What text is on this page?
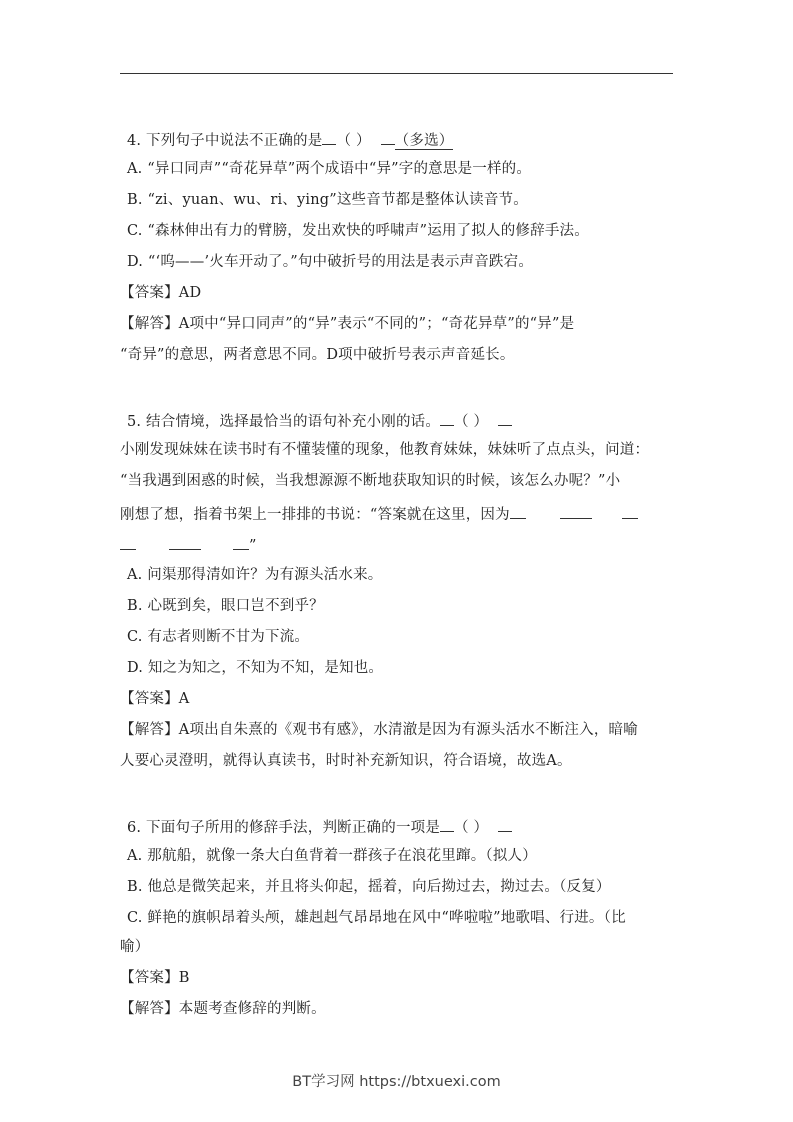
4. 下列句子中说法不正确的是 （ ） （多选）
A. “异口同声”“奇花异草”两个成语中“异”字的意思是一样的。
B. “zi、yuan、wu、ri、ying”这些音节都是整体认读音节。
C. “森林伸出有力的臂膀，发出欢快的呼啸声”运用了拟人的修辞手法。
D. “‘呜——’火车开动了。”句中破折号的用法是表示声音跌宕。
【答案】AD
【解答】A项中“异口同声”的“异”表示“不同的”；“奇花异草”的“异”是
“奇异”的意思，两者意思不同。D项中破折号表示声音延长。
5. 结合情境，选择最恰当的语句补充小刚的话。 （ ）
小刚发现妹妹在读书时有不懂装懂的现象，他教育妹妹，妹妹听了点点头，问道：
“当我遇到困惑的时候，当我想源源不断地获取知识的时候，该怎么办呢？”小
刚想了想，指着书架上一排排的书说：“答案就在这里，因为
”
A. 问渠那得清如许？为有源头活水来。
B. 心既到矣，眼口岂不到乎？
C. 有志者则断不甘为下流。
D. 知之为知之，不知为不知，是知也。
【答案】A
【解答】A项出自朱熹的《观书有感》，水清澈是因为有源头活水不断注入，暗喻
人要心灵澄明，就得认真读书，时时补充新知识，符合语境，故选A。
6. 下面句子所用的修辞手法，判断正确的一项是 （ ）
A. 那航船，就像一条大白鱼背着一群孩子在浪花里蹿。（拟人）
B. 他总是微笑起来，并且将头仰起，摇着，向后拗过去，拗过去。（反复）
C. 鲜艳的旗帜昂着头颅，雄赳赳气昂昂地在风中“哗啦啦”地歌唱、行进。（比
喻）
【答案】B
【解答】本题考查修辞的判断。
BT学习网 https://btxuexi.com
